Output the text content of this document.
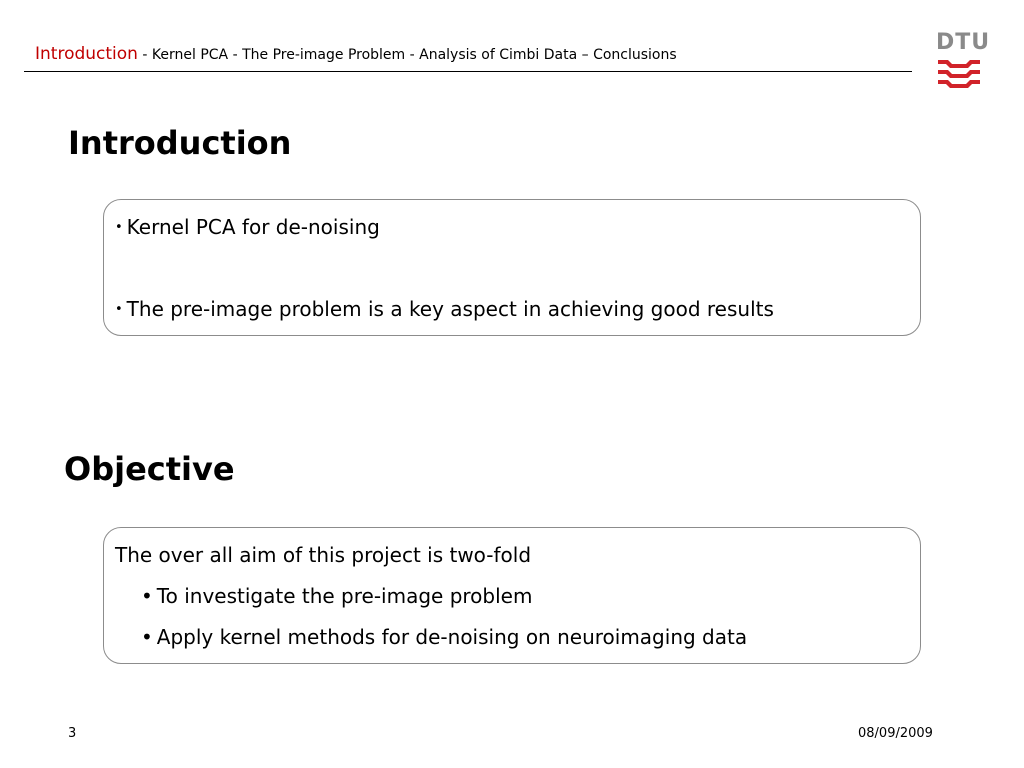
Introduction - Kernel PCA - The Pre-image Problem - Analysis of Cimbi Data – Conclusions	DTU
Introduction
• Kernel PCA for de-noising
• The pre-image problem is a key aspect in achieving good results
Objective
The over all aim of this project is two-fold
• To investigate the pre-image problem
• Apply kernel methods for de-noising on neuroimaging data
3	08/09/2009
